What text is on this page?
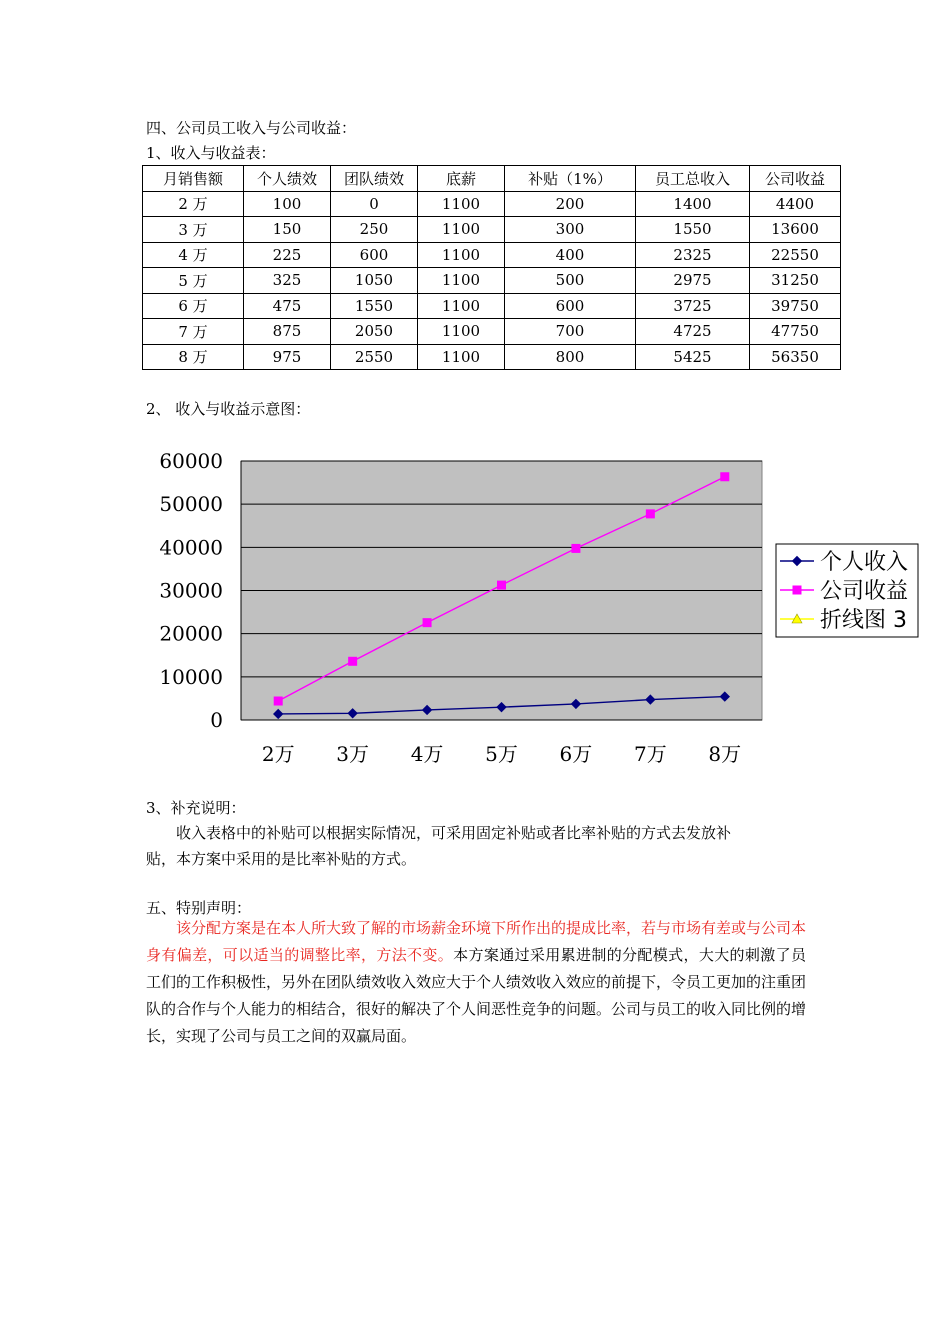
四、公司员工收入与公司收益：
1、收入与收益表：
月销售额	个人绩效	团队绩效	底薪	补贴（1%）	员工总收入	公司收益
2 万	100	0	1100	200	1400	4400
3 万	150	250	1100	300	1550	13600
4 万	225	600	1100	400	2325	22550
5 万	325	1050	1100	500	2975	31250
6 万	475	1550	1100	600	3725	39750
7 万	875	2050	1100	700	4725	47750
8 万	975	2550	1100	800	5425	56350
2、 收入与收益示意图：
0
10000
20000
30000
40000
50000
60000
2万 3万 4万 5万 6万 7万 8万
个人收入
公司收益
折线图 3
3、补充说明：
收入表格中的补贴可以根据实际情况，可采用固定补贴或者比率补贴的方式去发放补
贴，本方案中采用的是比率补贴的方式。
五、特别声明：
该分配方案是在本人所大致了解的市场薪金环境下所作出的提成比率，若与市场有差或与公司本身有偏差，可以适当的调整比率，方法不变。本方案通过采用累进制的分配模式，大大的刺激了员工们的工作积极性，另外在团队绩效收入效应大于个人绩效收入效应的前提下，令员工更加的注重团队的合作与个人能力的相结合，很好的解决了个人间恶性竞争的问题。公司与员工的收入同比例的增长，实现了公司与员工之间的双赢局面。
